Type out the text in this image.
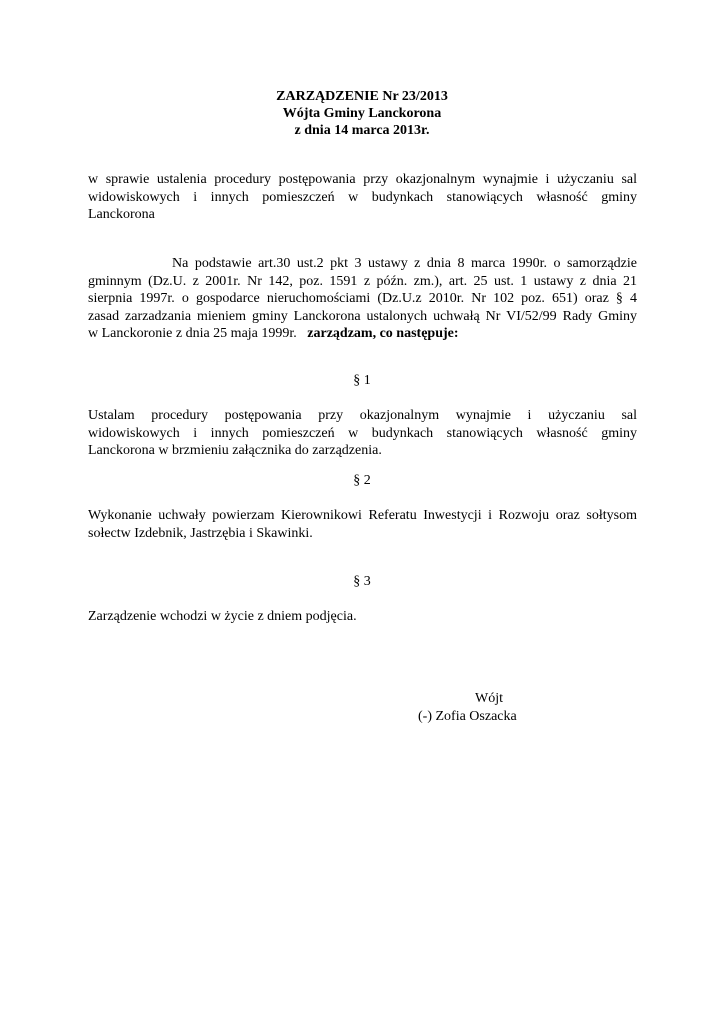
ZARZĄDZENIE Nr 23/2013
Wójta Gminy Lanckorona
z dnia 14 marca 2013r.
w sprawie ustalenia procedury postępowania przy okazjonalnym wynajmie i użyczaniu sal
widowiskowych i innych pomieszczeń w budynkach stanowiących własność gminy
Lanckorona
Na podstawie art.30 ust.2 pkt 3 ustawy z dnia 8 marca 1990r. o samorządzie
gminnym (Dz.U. z 2001r. Nr 142, poz. 1591 z późn. zm.), art. 25 ust. 1 ustawy z dnia 21
sierpnia 1997r. o gospodarce nieruchomościami (Dz.U.z 2010r. Nr 102 poz. 651) oraz § 4
zasad zarzadzania mieniem gminy Lanckorona ustalonych uchwałą Nr VI/52/99 Rady Gminy
w Lanckoronie z dnia 25 maja 1999r.   zarządzam, co następuje:
§ 1
Ustalam procedury postępowania przy okazjonalnym wynajmie i użyczaniu sal
widowiskowych i innych pomieszczeń w budynkach stanowiących własność gminy
Lanckorona w brzmieniu załącznika do zarządzenia.
§ 2
Wykonanie uchwały powierzam Kierownikowi Referatu Inwestycji i Rozwoju oraz sołtysom
sołectw Izdebnik, Jastrzębia i Skawinki.
§ 3
Zarządzenie wchodzi w życie z dniem podjęcia.
Wójt
(-) Zofia Oszacka
